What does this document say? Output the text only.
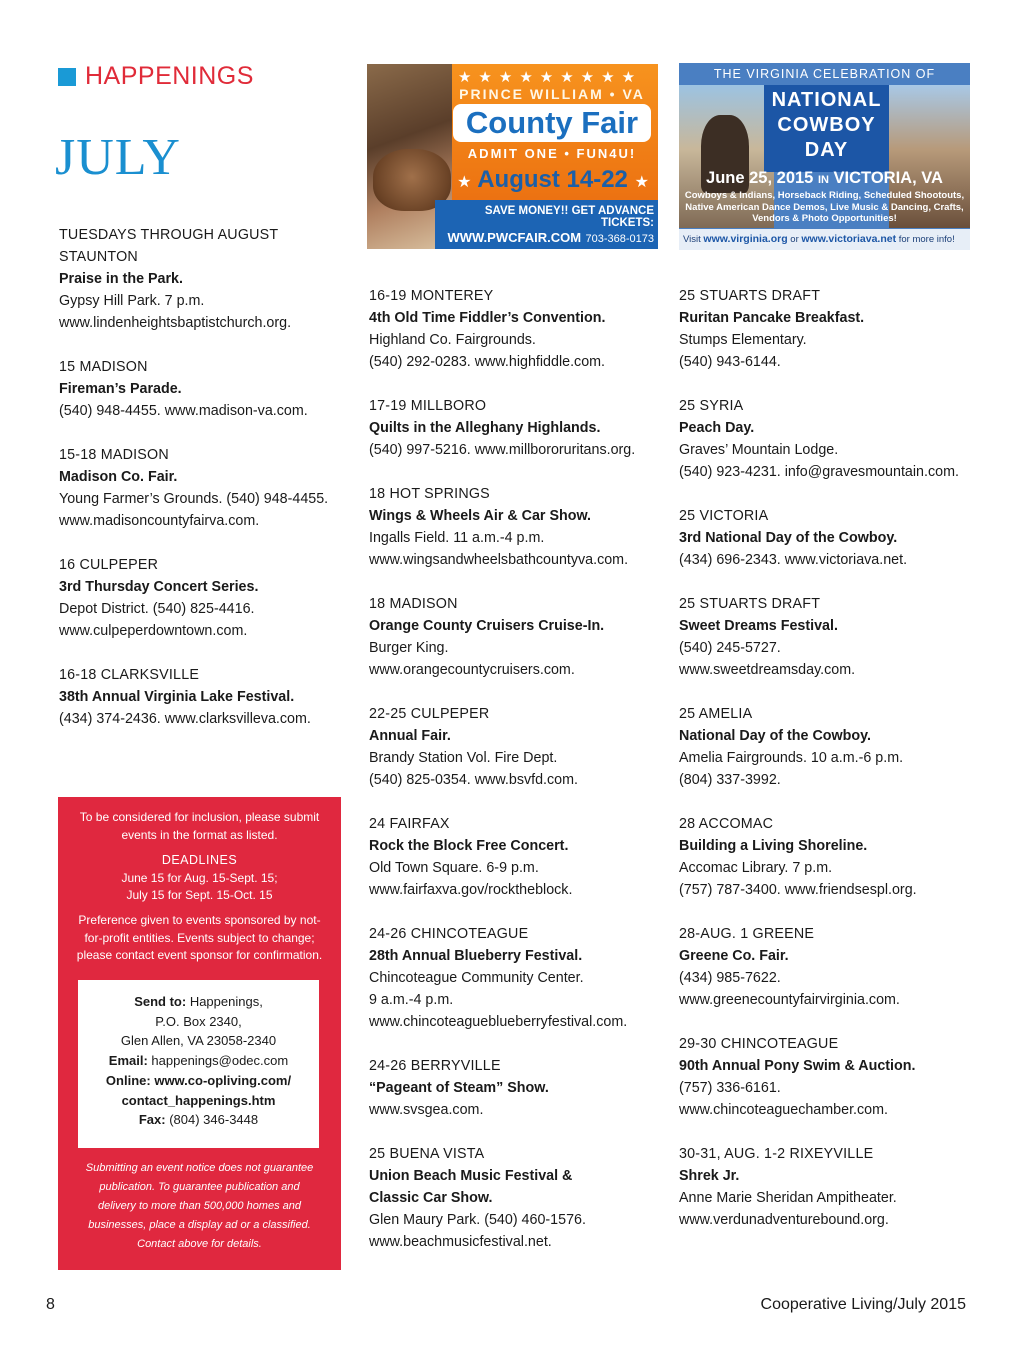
HAPPENINGS
JULY
TUESDAYS THROUGH AUGUST
STAUNTON
Praise in the Park.
Gypsy Hill Park. 7 p.m.
www.lindenheightsbaptistchurch.org.
15 MADISON
Fireman’s Parade.
(540) 948-4455. www.madison-va.com.
15-18 MADISON
Madison Co. Fair.
Young Farmer’s Grounds. (540) 948-4455.
www.madisoncountyfairva.com.
16 CULPEPER
3rd Thursday Concert Series.
Depot District. (540) 825-4416.
www.culpeperdowntown.com.
16-18 CLARKSVILLE
38th Annual Virginia Lake Festival.
(434) 374-2436. www.clarksvilleva.com.
16-19 MONTEREY
4th Old Time Fiddler’s Convention.
Highland Co. Fairgrounds.
(540) 292-0283. www.highfiddle.com.
17-19 MILLBORO
Quilts in the Alleghany Highlands.
(540) 997-5216. www.millbororuritans.org.
18 HOT SPRINGS
Wings & Wheels Air & Car Show.
Ingalls Field. 11 a.m.-4 p.m.
www.wingsandwheelsbathcountyva.com.
18 MADISON
Orange County Cruisers Cruise-In.
Burger King.
www.orangecountycruisers.com.
22-25 CULPEPER
Annual Fair.
Brandy Station Vol. Fire Dept.
(540) 825-0354. www.bsvfd.com.
24 FAIRFAX
Rock the Block Free Concert.
Old Town Square. 6-9 p.m.
www.fairfaxva.gov/rocktheblock.
24-26 CHINCOTEAGUE
28th Annual Blueberry Festival.
Chincoteague Community Center.
9 a.m.-4 p.m.
www.chincoteagueblueberryfestival.com.
24-26 BERRYVILLE
“Pageant of Steam” Show.
www.svsgea.com.
25 BUENA VISTA
Union Beach Music Festival &
Classic Car Show.
Glen Maury Park. (540) 460-1576.
www.beachmusicfestival.net.
25 STUARTS DRAFT
Ruritan Pancake Breakfast.
Stumps Elementary.
(540) 943-6144.
25 SYRIA
Peach Day.
Graves’ Mountain Lodge.
(540) 923-4231. info@gravesmountain.com.
25 VICTORIA
3rd National Day of the Cowboy.
(434) 696-2343. www.victoriava.net.
25 STUARTS DRAFT
Sweet Dreams Festival.
(540) 245-5727.
www.sweetdreamsday.com.
25 AMELIA
National Day of the Cowboy.
Amelia Fairgrounds. 10 a.m.-6 p.m.
(804) 337-3992.
28 ACCOMAC
Building a Living Shoreline.
Accomac Library. 7 p.m.
(757) 787-3400. www.friendsespl.org.
28-AUG. 1 GREENE
Greene Co. Fair.
(434) 985-7622.
www.greenecountyfairvirginia.com.
29-30 CHINCOTEAGUE
90th Annual Pony Swim & Auction.
(757) 336-6161.
www.chincoteaguechamber.com.
30-31, AUG. 1-2 RIXEYVILLE
Shrek Jr.
Anne Marie Sheridan Ampitheater.
www.verdunadventurebound.org.
★★★★★★★★★
PRINCE WILLIAM • VA
County Fair
ADMIT ONE • FUN4U!
★ August 14-22 ★
SAVE MONEY!! GET ADVANCE TICKETS:
WWW.PWCFAIR.COM 703-368-0173
THE VIRGINIA CELEBRATION OF
NATIONAL
COWBOY
DAY
June 25, 2015 IN VICTORIA, VA
Cowboys & Indians, Horseback Riding, Scheduled Shootouts,
Native American Dance Demos, Live Music & Dancing, Crafts,
Vendors & Photo Opportunities!
Visit www.virginia.org or www.victoriava.net for more info!

To be considered for inclusion, please submit events in the format as listed.

DEADLINES

June 15 for Aug. 15-Sept. 15;

July 15 for Sept. 15-Oct. 15

Preference given to events sponsored by not-for-profit entities. Events subject to change; please contact event sponsor for confirmation.

Send to: Happenings,
P.O. Box 2340,
Glen Allen, VA 23058-2340
Email: happenings@odec.com
Online: www.co-opliving.com/
contact_happenings.htm
Fax: (804) 346-3448

Submitting an event notice does not guarantee publication. To guarantee publication and delivery to more than 500,000 homes and businesses, place a display ad or a classified. Contact above for details.

8	Cooperative Living/July 2015
